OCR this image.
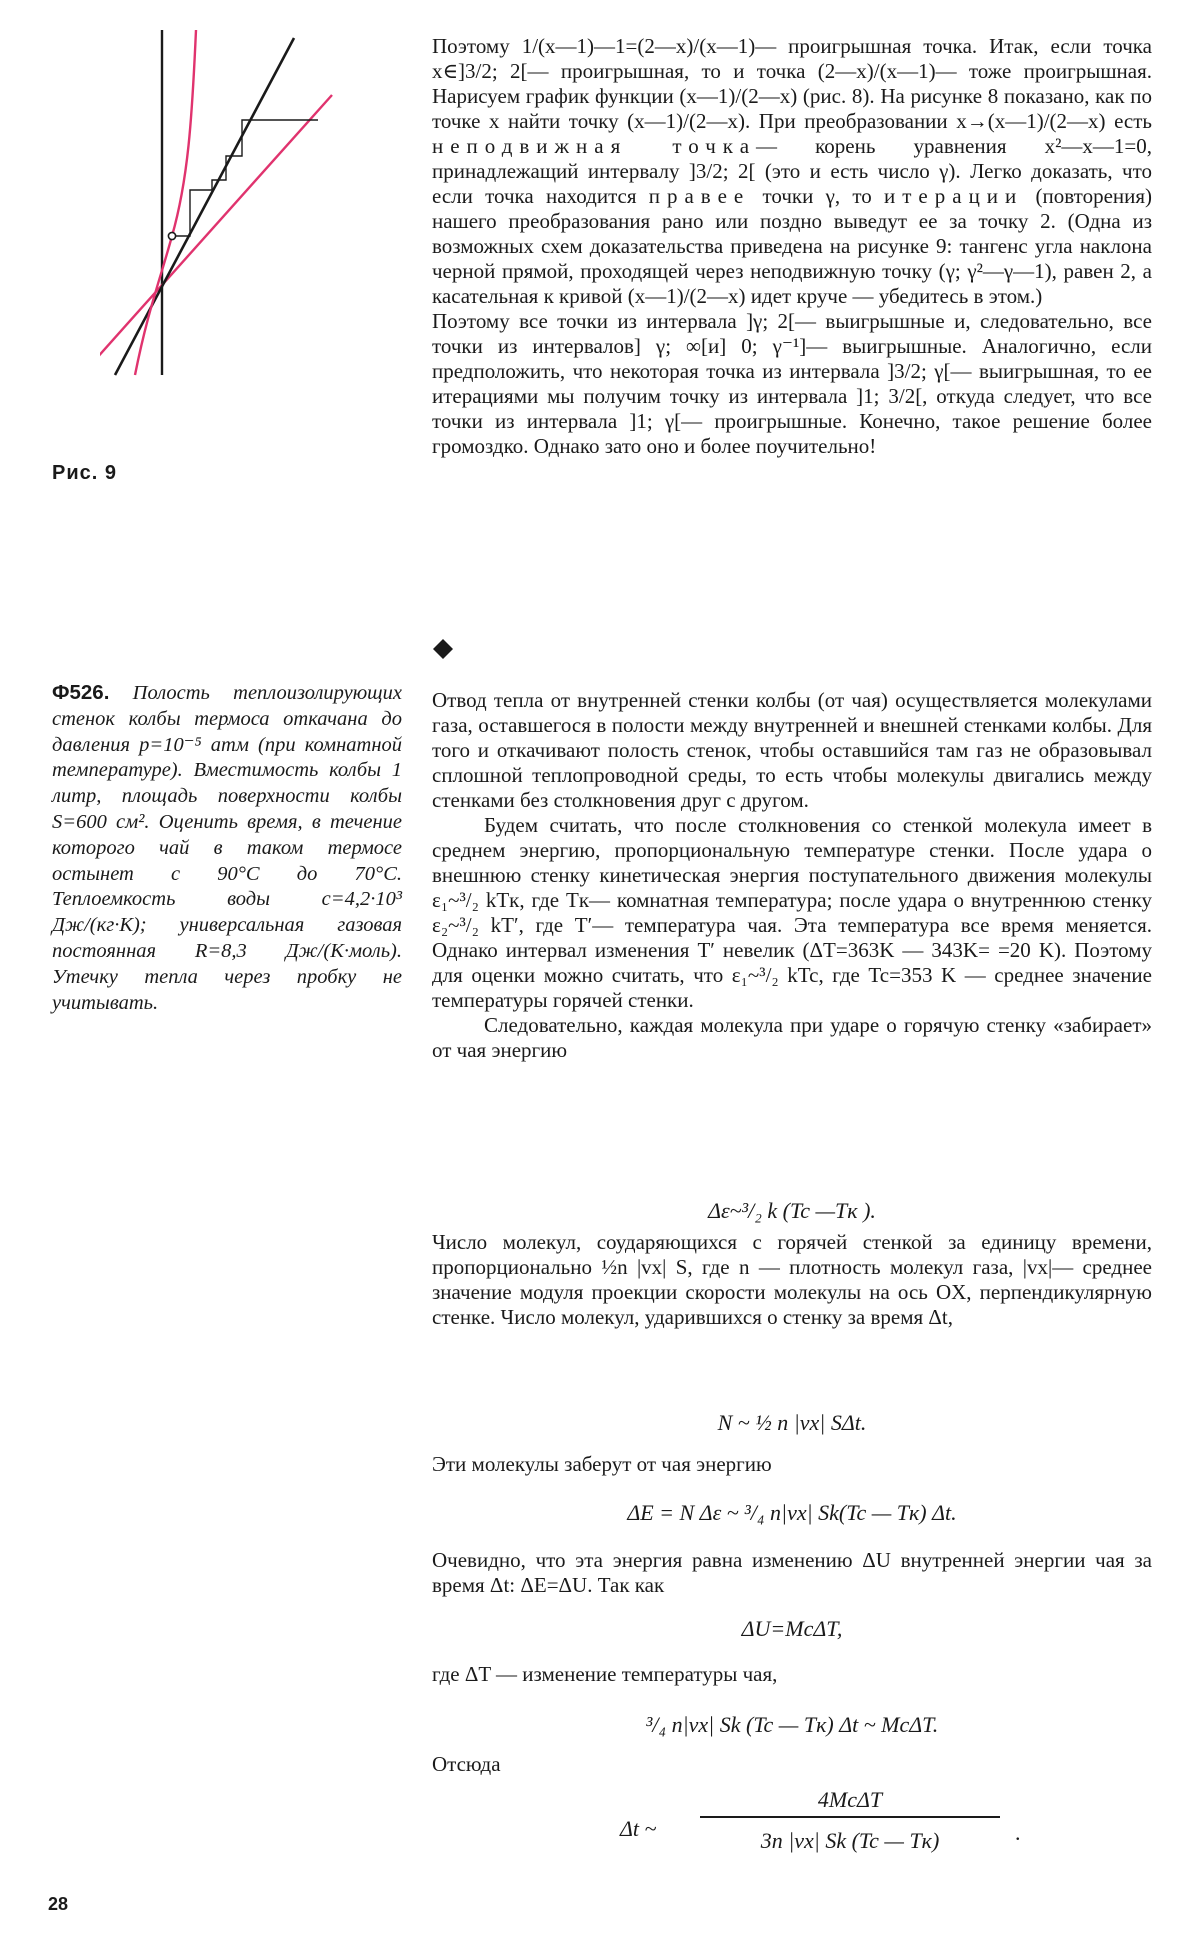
Рис. 9

Поэтому 1/(x—1)—1=(2—x)/(x—1)— проигрышная точка. Итак, если точка x∈]3/2; 2[— проигрышная, то и точка (2—x)/(x—1)— тоже проигрышная. Нарисуем график функции (x—1)/(2—x) (рис. 8). На рисунке 8 показано, как по точке x найти точку (x—1)/(2—x). При преобразовании x→(x—1)/(2—x) есть неподвижная точка— корень уравнения x²—x—1=0, принадлежащий интервалу ]3/2; 2[ (это и есть число γ). Легко доказать, что если точка находится правее точки γ, то итерации (повторения) нашего преобразования рано или поздно выведут ее за точку 2. (Одна из возможных схем доказательства приведена на рисунке 9: тангенс угла наклона черной прямой, проходящей через неподвижную точку (γ; γ²—γ—1), равен 2, а касательная к кривой (x—1)/(2—x) идет круче — убедитесь в этом.)

Поэтому все точки из интервала ]γ; 2[— выигрышные и, следовательно, все точки из интервалов] γ; ∞[и] 0; γ⁻¹]— выигрышные. Аналогично, если предположить, что некоторая точка из интервала ]3/2; γ[— выигрышная, то ее итерациями мы получим точку из интервала ]1; 3/2[, откуда следует, что все точки из интервала ]1; γ[— проигрышные. Конечно, такое решение более громоздко. Однако зато оно и более поучительно!

Ф526. Полость теплоизолирующих стенок колбы термоса откачана до давления p=10⁻⁵ атм (при комнатной температуре). Вместимость колбы 1 литр, площадь поверхности колбы S=600 см². Оценить время, в течение которого чай в таком термосе остынет с 90°C до 70°C. Теплоемкость воды c=4,2·10³ Дж/(кг·К); универсальная газовая постоянная R=8,3 Дж/(К·моль). Утечку тепла через пробку не учитывать.

Отвод тепла от внутренней стенки колбы (от чая) осуществляется молекулами газа, оставшегося в полости между внутренней и внешней стенками колбы. Для того и откачивают полость стенок, чтобы оставшийся там газ не образовывал сплошной теплопроводной среды, то есть чтобы молекулы двигались между стенками без столкновения друг с другом.

Будем считать, что после столкновения со стенкой молекула имеет в среднем энергию, пропорциональную температуре стенки. После удара о внешнюю стенку кинетическая энергия поступательного движения молекулы ε₁~³/₂ kTк, где Tк— комнатная температура; после удара о внутреннюю стенку ε₂~³/₂ kT′, где T′— температура чая. Эта температура все время меняется. Однако интервал изменения T′ невелик (ΔT=363K — 343K= =20 K). Поэтому для оценки можно считать, что ε₁~³/₂ kTc, где Tc=353 K — среднее значение температуры горячей стенки.

Следовательно, каждая молекула при ударе о горячую стенку «забирает» от чая энергию

Δε~³/₂ k (Tc —Tк ).
Число молекул, соударяющихся с горячей стенкой за единицу времени, пропорционально ½n |vx| S, где n — плотность молекул газа, |vx|— среднее значение модуля проекции скорости молекулы на ось OX, перпендикулярную стенке. Число молекул, ударившихся о стенку за время Δt,
N ~ ½ n |vx| SΔt.
Эти молекулы заберут от чая энергию
ΔE = N Δε ~ ³/₄ n|vx| Sk(Tc — Tк) Δt.
Очевидно, что эта энергия равна изменению ΔU внутренней энергии чая за время Δt: ΔE=ΔU. Так как
ΔU=McΔT,
где ΔT — изменение температуры чая,
³/₄ n|vx| Sk (Tc — Tк) Δt ~ McΔT.
Отсюда
Δt ~
4McΔT
3n |vx| Sk (Tc — Tк)	.
28
